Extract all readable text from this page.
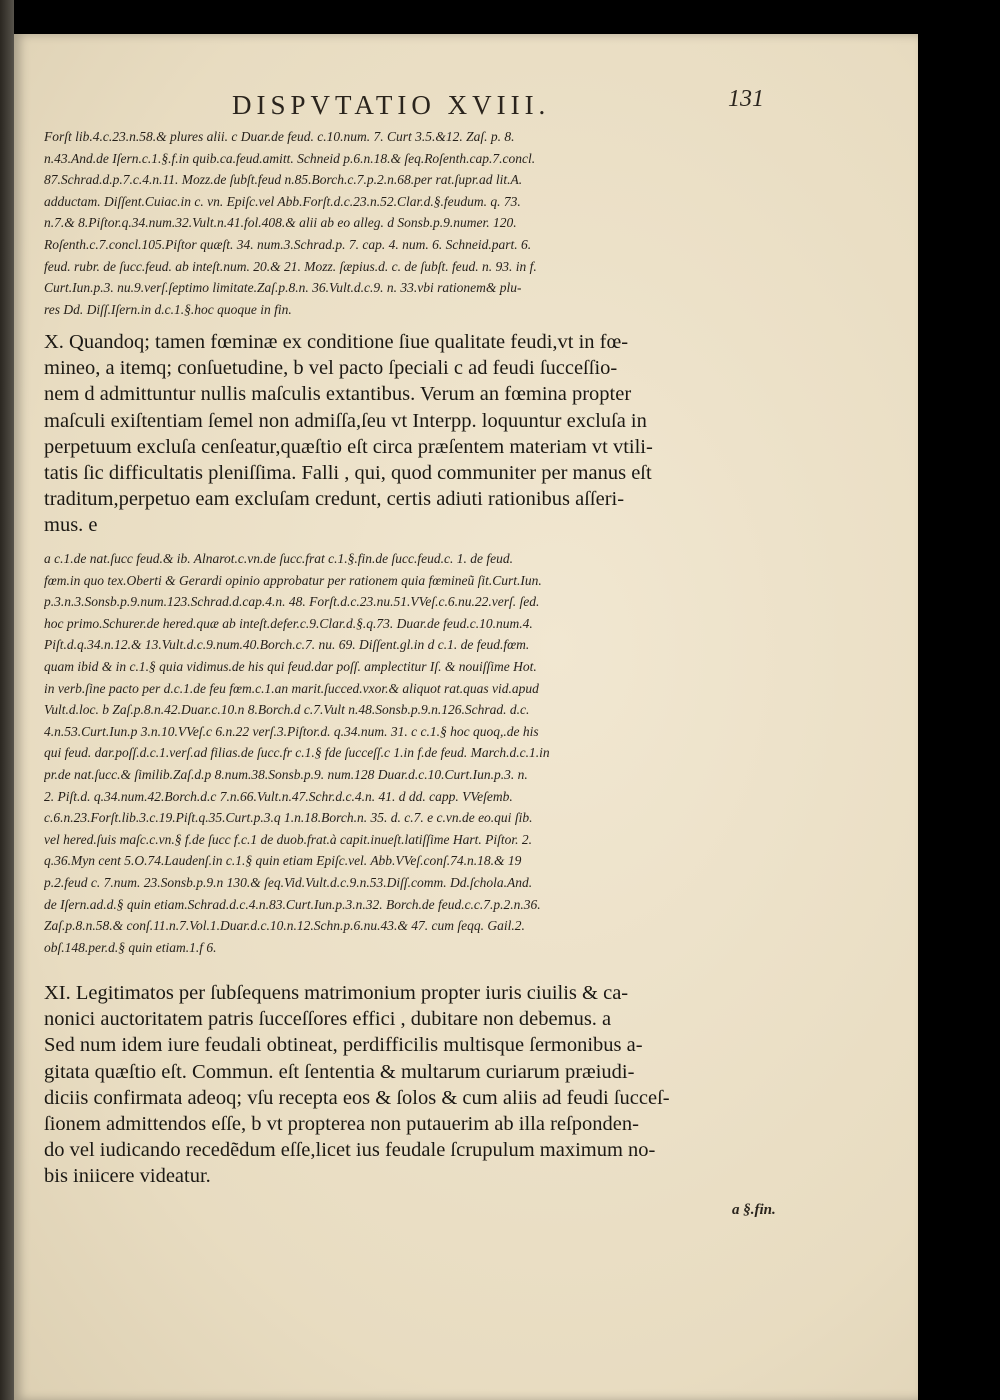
DISPVTATIO XVIII.	131
Forſt lib.4.c.23.n.58.& plures alii. c Duar.de feud. c.10.num. 7. Curt 3.5.&12. Zaſ. p. 8.
n.43.And.de Iſern.c.1.§.f.in quib.ca.feud.amitt. Schneid p.6.n.18.& ſeq.Roſenth.cap.7.concl.
87.Schrad.d.p.7.c.4.n.11. Mozz.de ſubſt.feud n.85.Borch.c.7.p.2.n.68.per rat.ſupr.ad lit.A.
adductam. Diſſent.Cuiac.in c. vn. Epiſc.vel Abb.Forſt.d.c.23.n.52.Clar.d.§.feudum. q. 73.
n.7.& 8.Piſtor.q.34.num.32.Vult.n.41.fol.408.& alii ab eo alleg. d Sonsb.p.9.numer. 120.
Roſenth.c.7.concl.105.Piſtor quæſt. 34. num.3.Schrad.p. 7. cap. 4. num. 6. Schneid.part. 6.
feud. rubr. de ſucc.feud. ab inteſt.num. 20.& 21. Mozz. ſæpius.d. c. de ſubſt. feud. n. 93. in f.
Curt.Iun.p.3. nu.9.verſ.ſeptimo limitate.Zaſ.p.8.n. 36.Vult.d.c.9. n. 33.vbi rationem& plu-
res Dd. Diſſ.Iſern.in d.c.1.§.hoc quoque in fin.
X. Quandoq; tamen fœminæ ex conditione ſiue qualitate feudi,vt in fœ-
mineo, a itemq; conſuetudine, b vel pacto ſpeciali c ad feudi ſucceſſio-
nem d admittuntur nullis maſculis extantibus. Verum an fœmina propter
maſculi exiſtentiam ſemel non admiſſa,ſeu vt Interpp. loquuntur excluſa in
perpetuum excluſa cenſeatur,quæſtio eſt circa præſentem materiam vt vtili-
tatis ſic difficultatis pleniſſima. Falli , qui, quod communiter per manus eſt
traditum,perpetuo eam excluſam credunt, certis adiuti rationibus aſſeri-
mus. e
a c.1.de nat.ſucc feud.& ib. Alnarot.c.vn.de ſucc.frat c.1.§.fin.de ſucc.feud.c. 1. de feud.
fœm.in quo tex.Oberti & Gerardi opinio approbatur per rationem quia fœmineũ ſit.Curt.Iun.
p.3.n.3.Sonsb.p.9.num.123.Schrad.d.cap.4.n. 48. Forſt.d.c.23.nu.51.VVeſ.c.6.nu.22.verſ. ſed.
hoc primo.Schurer.de hered.quæ ab inteſt.defer.c.9.Clar.d.§.q.73. Duar.de feud.c.10.num.4.
Piſt.d.q.34.n.12.& 13.Vult.d.c.9.num.40.Borch.c.7. nu. 69. Diſſent.gl.in d c.1. de feud.fœm.
quam ibid & in c.1.§ quia vidimus.de his qui feud.dar poſſ. amplectitur Iſ. & nouiſſime Hot.
in verb.ſine pacto per d.c.1.de feu fœm.c.1.an marit.ſucced.vxor.& aliquot rat.quas vid.apud
Vult.d.loc. b Zaſ.p.8.n.42.Duar.c.10.n 8.Borch.d c.7.Vult n.48.Sonsb.p.9.n.126.Schrad. d.c.
4.n.53.Curt.Iun.p 3.n.10.VVeſ.c 6.n.22 verſ.3.Piſtor.d. q.34.num. 31. c c.1.§ hoc quoq,.de his
qui feud. dar.poſſ.d.c.1.verſ.ad filias.de ſucc.fr c.1.§ fde ſucceſſ.c 1.in f.de feud. March.d.c.1.in
pr.de nat.ſucc.& ſimilib.Zaſ.d.p 8.num.38.Sonsb.p.9. num.128 Duar.d.c.10.Curt.Iun.p.3. n.
2. Piſt.d. q.34.num.42.Borch.d.c 7.n.66.Vult.n.47.Schr.d.c.4.n. 41. d dd. capp. VVeſemb.
c.6.n.23.Forſt.lib.3.c.19.Piſt.q.35.Curt.p.3.q 1.n.18.Borch.n. 35. d. c.7. e c.vn.de eo.qui ſib.
vel hered.ſuis maſc.c.vn.§ f.de ſucc f.c.1 de duob.frat.à capit.inueſt.latiſſime Hart. Piſtor. 2.
q.36.Myn cent 5.O.74.Laudenſ.in c.1.§ quin etiam Epiſc.vel. Abb.VVeſ.conſ.74.n.18.& 19
p.2.feud c. 7.num. 23.Sonsb.p.9.n 130.& ſeq.Vid.Vult.d.c.9.n.53.Diſſ.comm. Dd.ſchola.And.
de Iſern.ad.d.§ quin etiam.Schrad.d.c.4.n.83.Curt.Iun.p.3.n.32. Borch.de feud.c.c.7.p.2.n.36.
Zaſ.p.8.n.58.& conſ.11.n.7.Vol.1.Duar.d.c.10.n.12.Schn.p.6.nu.43.& 47. cum ſeqq. Gail.2.
obſ.148.per.d.§ quin etiam.1.f 6.
XI. Legitimatos per ſubſequens matrimonium propter iuris ciuilis & ca-
nonici auctoritatem patris ſucceſſores effici , dubitare non debemus. a
Sed num idem iure feudali obtineat, perdifficilis multisque ſermonibus a-
gitata quæſtio eſt. Commun. eſt ſententia & multarum curiarum præiudi-
diciis confirmata adeoq; vſu recepta eos & ſolos & cum aliis ad feudi ſucceſ-
ſionem admittendos eſſe, b vt propterea non putauerim ab illa reſponden-
do vel iudicando recedẽdum eſſe,licet ius feudale ſcrupulum maximum no-
bis iniicere videatur.
a §.fin.
